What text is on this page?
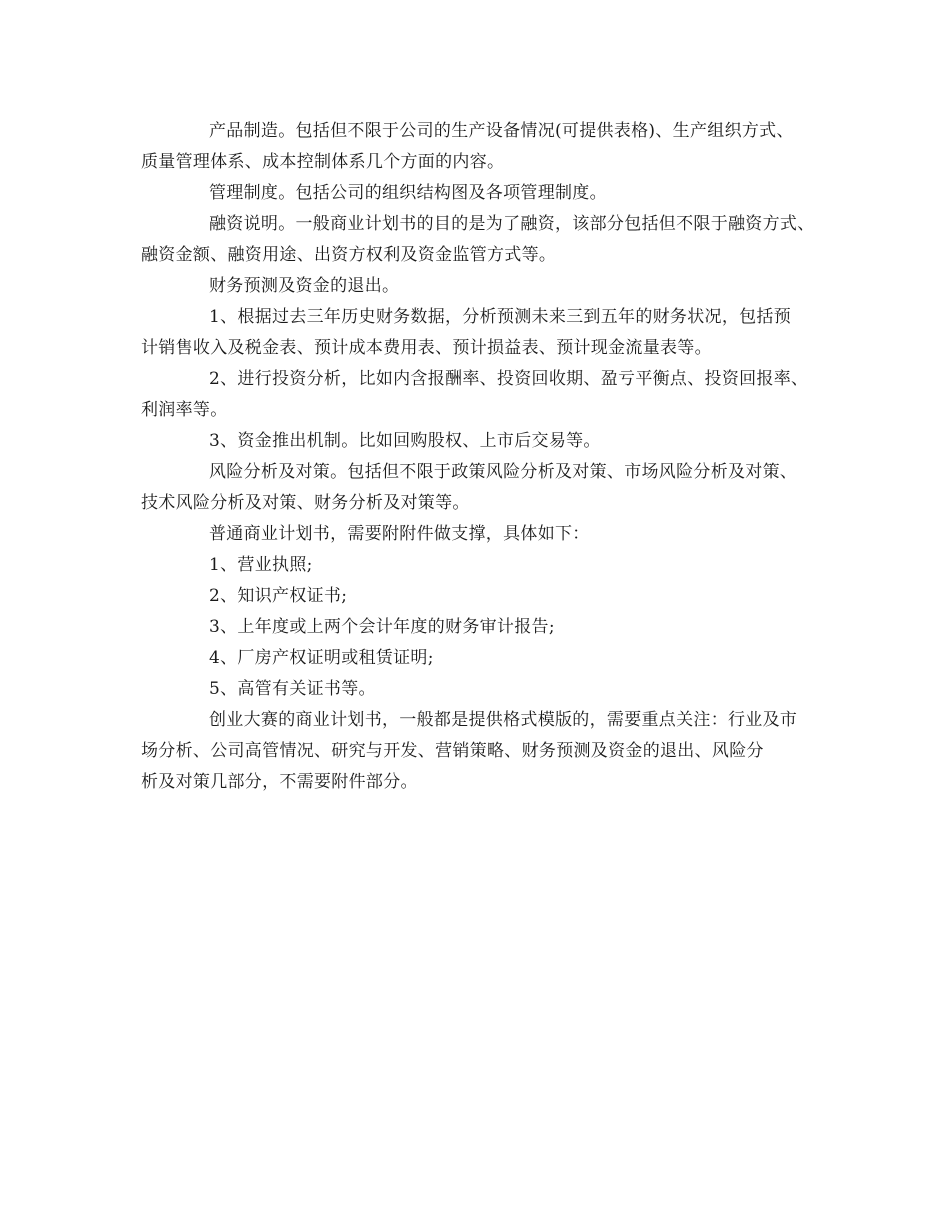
产品制造。包括但不限于公司的生产设备情况(可提供表格)、生产组织方式、
质量管理体系、成本控制体系几个方面的内容。

管理制度。包括公司的组织结构图及各项管理制度。

融资说明。一般商业计划书的目的是为了融资，该部分包括但不限于融资方式、
融资金额、融资用途、出资方权利及资金监管方式等。

财务预测及资金的退出。

1、根据过去三年历史财务数据，分析预测未来三到五年的财务状况，包括预
计销售收入及税金表、预计成本费用表、预计损益表、预计现金流量表等。

2、进行投资分析，比如内含报酬率、投资回收期、盈亏平衡点、投资回报率、
利润率等。

3、资金推出机制。比如回购股权、上市后交易等。

风险分析及对策。包括但不限于政策风险分析及对策、市场风险分析及对策、
技术风险分析及对策、财务分析及对策等。

普通商业计划书，需要附附件做支撑，具体如下：

1、营业执照;

2、知识产权证书;

3、上年度或上两个会计年度的财务审计报告;

4、厂房产权证明或租赁证明;

5、高管有关证书等。

创业大赛的商业计划书，一般都是提供格式模版的，需要重点关注：行业及市
场分析、公司高管情况、研究与开发、营销策略、财务预测及资金的退出、风险分
析及对策几部分，不需要附件部分。
